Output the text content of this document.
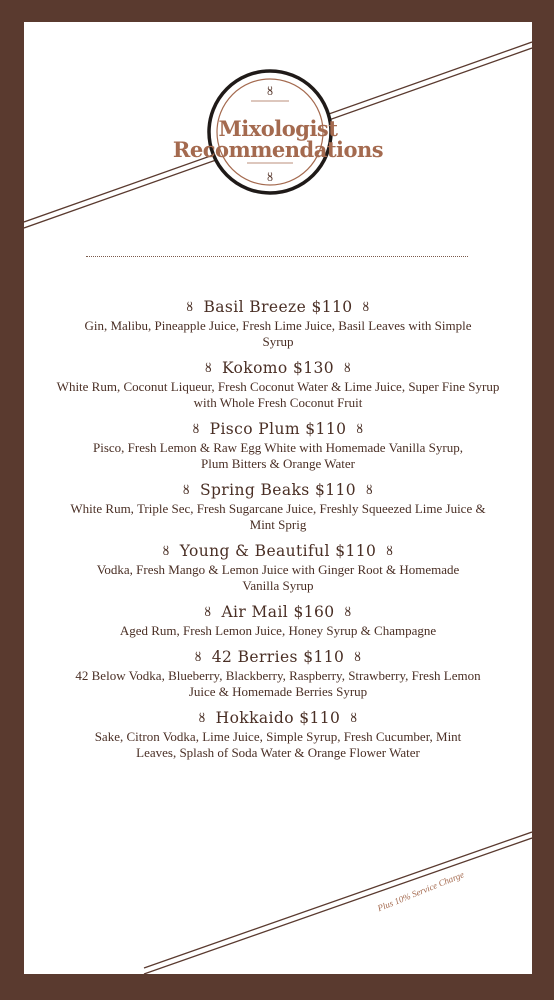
ȣ
ȣ
Mixologist
Recommendations
ȣ Basil Breeze $110 ȣ
Gin, Malibu, Pineapple Juice, Fresh Lime Juice, Basil Leaves with Simple Syrup
ȣ Kokomo $130 ȣ
White Rum, Coconut Liqueur, Fresh Coconut Water & Lime Juice, Super Fine Syrup with Whole Fresh Coconut Fruit
ȣ Pisco Plum $110 ȣ
Pisco, Fresh Lemon & Raw Egg White with Homemade Vanilla Syrup, Plum Bitters & Orange Water
ȣ Spring Beaks $110 ȣ
White Rum, Triple Sec, Fresh Sugarcane Juice, Freshly Squeezed Lime Juice & Mint Sprig
ȣ Young & Beautiful $110 ȣ
Vodka, Fresh Mango & Lemon Juice with Ginger Root & Homemade Vanilla Syrup
ȣ Air Mail $160 ȣ
Aged Rum, Fresh Lemon Juice, Honey Syrup & Champagne
ȣ 42 Berries $110 ȣ
42 Below Vodka, Blueberry, Blackberry, Raspberry, Strawberry, Fresh Lemon Juice & Homemade Berries Syrup
ȣ Hokkaido $110 ȣ
Sake, Citron Vodka, Lime Juice, Simple Syrup, Fresh Cucumber, Mint Leaves, Splash of Soda Water & Orange Flower Water
Plus 10% Service Charge
